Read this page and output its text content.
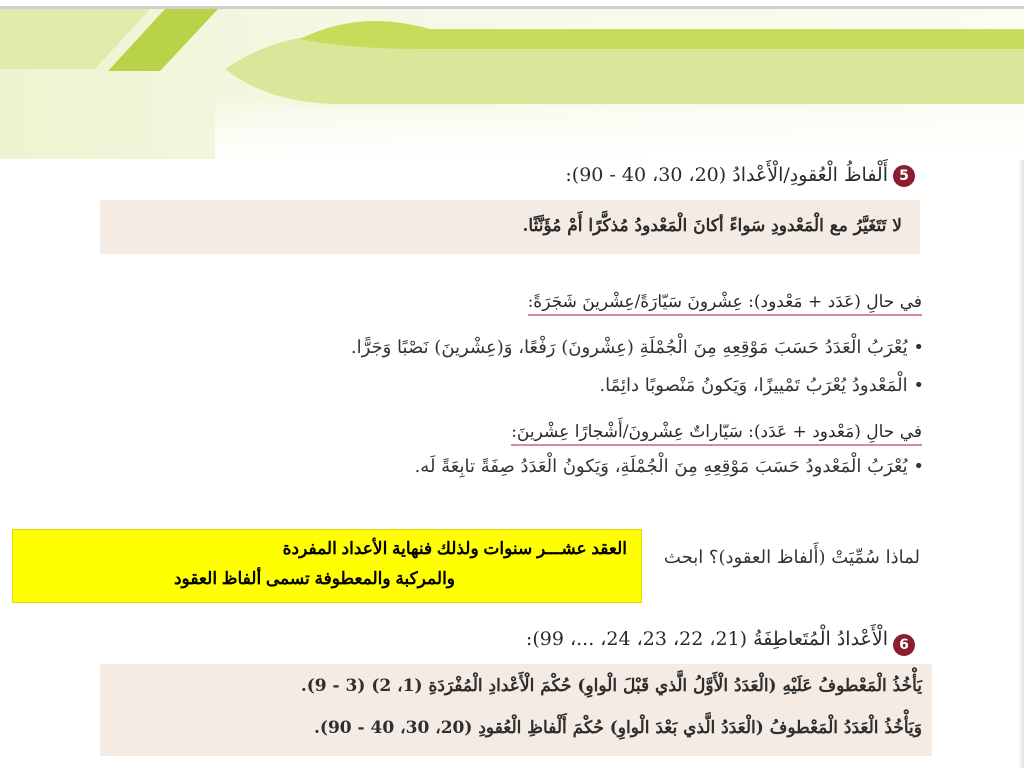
5
أَلْفاظُ الْعُقودِ/الْأَعْدادُ (20، 30، 40 - 90):
لا تَتَغَيَّرُ مع الْمَعْدودِ سَواءً أكانَ الْمَعْدودُ مُذكَّرًا أَمْ مُؤَنَّثًا.
في حالِ (عَدَد + مَعْدود): عِشْرونَ سَيّارَةً/عِشْرينَ شَجَرَةً:
• يُعْرَبُ الْعَدَدُ حَسَبَ مَوْقِعِهِ مِنَ الْجُمْلَةِ (عِشْرونَ) رَفْعًا، وَ(عِشْرينَ) نَصْبًا وَجَرًّا.
• الْمَعْدودُ يُعْرَبُ تَمْييزًا، وَيَكونُ مَنْصوبًا دائِمًا.
في حالِ (مَعْدود + عَدَد): سَيّاراتٌ عِشْرونَ/أَشْجارًا عِشْرينَ:
• يُعْرَبُ الْمَعْدودُ حَسَبَ مَوْقِعِهِ مِنَ الْجُمْلَةِ، وَيَكونُ الْعَدَدُ صِفَةً تابِعَةً لَه.
لماذا سُمِّيَتْ (أَلفاظ العقود)؟ ابحث
العقد عشـــر سنوات ولذلك فنهاية الأعداد المفردة
والمركبة والمعطوفة تسمى ألفاظ العقود
6
الْأَعْدادُ الْمُتَعاطِفَةُ (21، 22، 23، 24، ...، 99):
يَأْخُذُ الْمَعْطوفُ عَلَيْهِ (الْعَدَدُ الْأَوَّلُ الَّذي قَبْلَ الْواوِ) حُكْمَ الْأَعْدادِ الْمُفْرَدَةِ (1، 2) (3 - 9).
وَيَأْخُذُ الْعَدَدُ الْمَعْطوفُ (الْعَدَدُ الَّذي بَعْدَ الْواوِ) حُكْمَ أَلْفاظِ الْعُقودِ (20، 30، 40 - 90).
